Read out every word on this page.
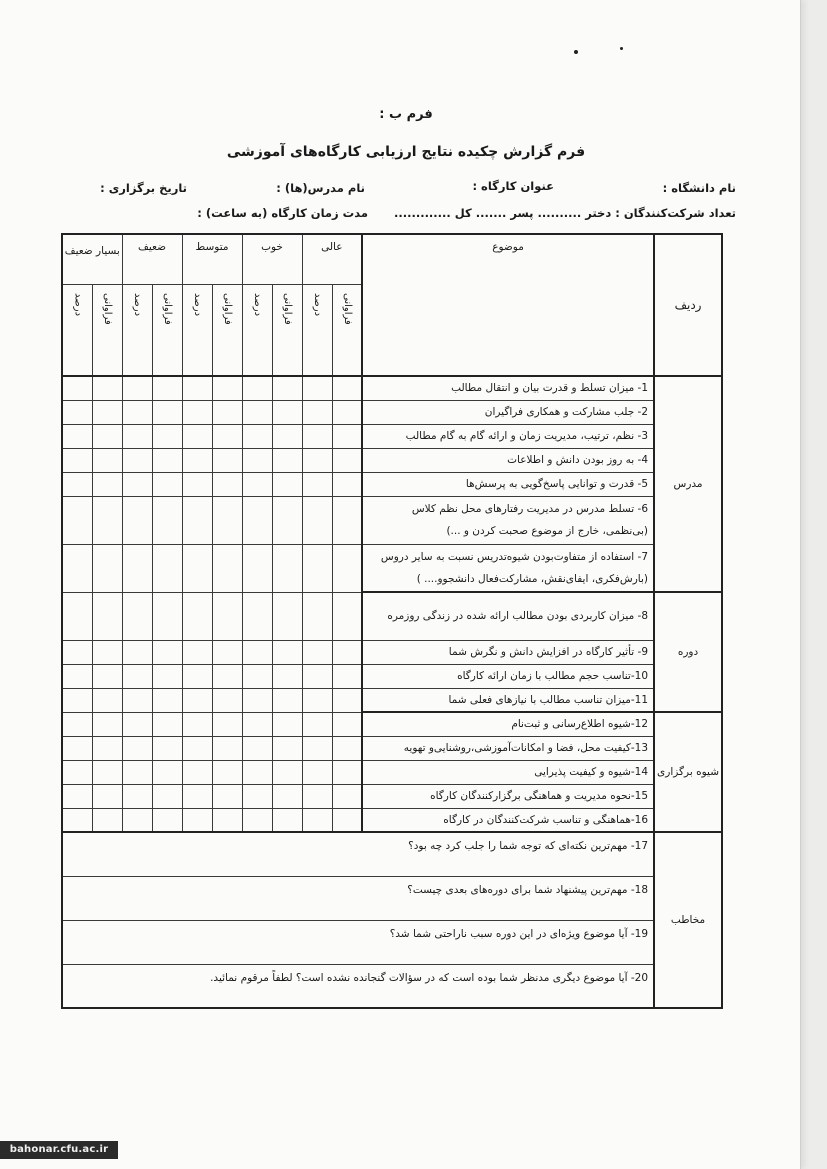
فرم ب :
فرم گزارش چکیده نتایج ارزیابی کارگاه‌های آموزشی
نام دانشگاه :
عنوان کارگاه :
نام مدرس(ها) :
تاریخ برگزاری :
تعداد شرکت‌کنندگان : دختر .......... پسر ....... کل .............
مدت زمان کارگاه (به ساعت) :
ردیف	موضوع	عالی		خوب		متوسط		ضعیف		بسیار ضعیف	
		فراوانی	درصد	فراوانی	درصد	فراوانی	درصد	فراوانی	درصد	فراوانی	درصد
مدرس	1- میزان تسلط و قدرت بیان و انتقال مطالب										
	2- جلب مشارکت و همکاری فراگیران										
	3- نظم، ترتیب، مدیریت زمان و ارائه گام به گام مطالب										
	4- به روز بودن دانش و اطلاعات										
	5- قدرت و توانایی پاسخ‌گویی به پرسش‌ها										
	6- تسلط مدرس در مدیریت رفتارهای محل نظم کلاس (بی‌نظمی، خارج از موضوع صحبت کردن و ...)										
	7- استفاده از متفاوت‌بودن شیوه‌تدریس نسبت به سایر دروس (بارش‌فکری، ایفای‌نقش، مشارکت‌فعال دانشجوو.... )										
دوره	8- میزان کاربردی بودن مطالب ارائه شده در زندگی روزمره										
	9- تأثیر کارگاه در افزایش دانش و نگرش شما										
	10-تناسب حجم مطالب با زمان ارائه کارگاه										
	11-میزان تناسب مطالب با نیازهای فعلی شما										
شیوه برگزاری	12-شیوه اطلاع‌رسانی و ثبت‌نام										
	13-کیفیت محل، فضا و امکانات‌آموزشی،روشنایی‌و تهویه										
	14-شیوه و کیفیت پذیرایی										
	15-نحوه مدیریت و هماهنگی برگزارکنندگان کارگاه										
	16-هماهنگی و تناسب شرکت‌کنندگان در کارگاه										
مخاطب	17- مهم‌ترین نکته‌ای که توجه شما را جلب کرد چه بود؟										
	18- مهم‌ترین پیشنهاد شما برای دوره‌های بعدی چیست؟										
	19- آیا موضوع ویژه‌ای در این دوره سبب ناراحتی شما شد؟										
	20- آیا موضوع دیگری مدنظر شما بوده است که در سؤالات گنجانده نشده است؟ لطفاً مرقوم نمائید.										
bahonar.cfu.ac.ir
